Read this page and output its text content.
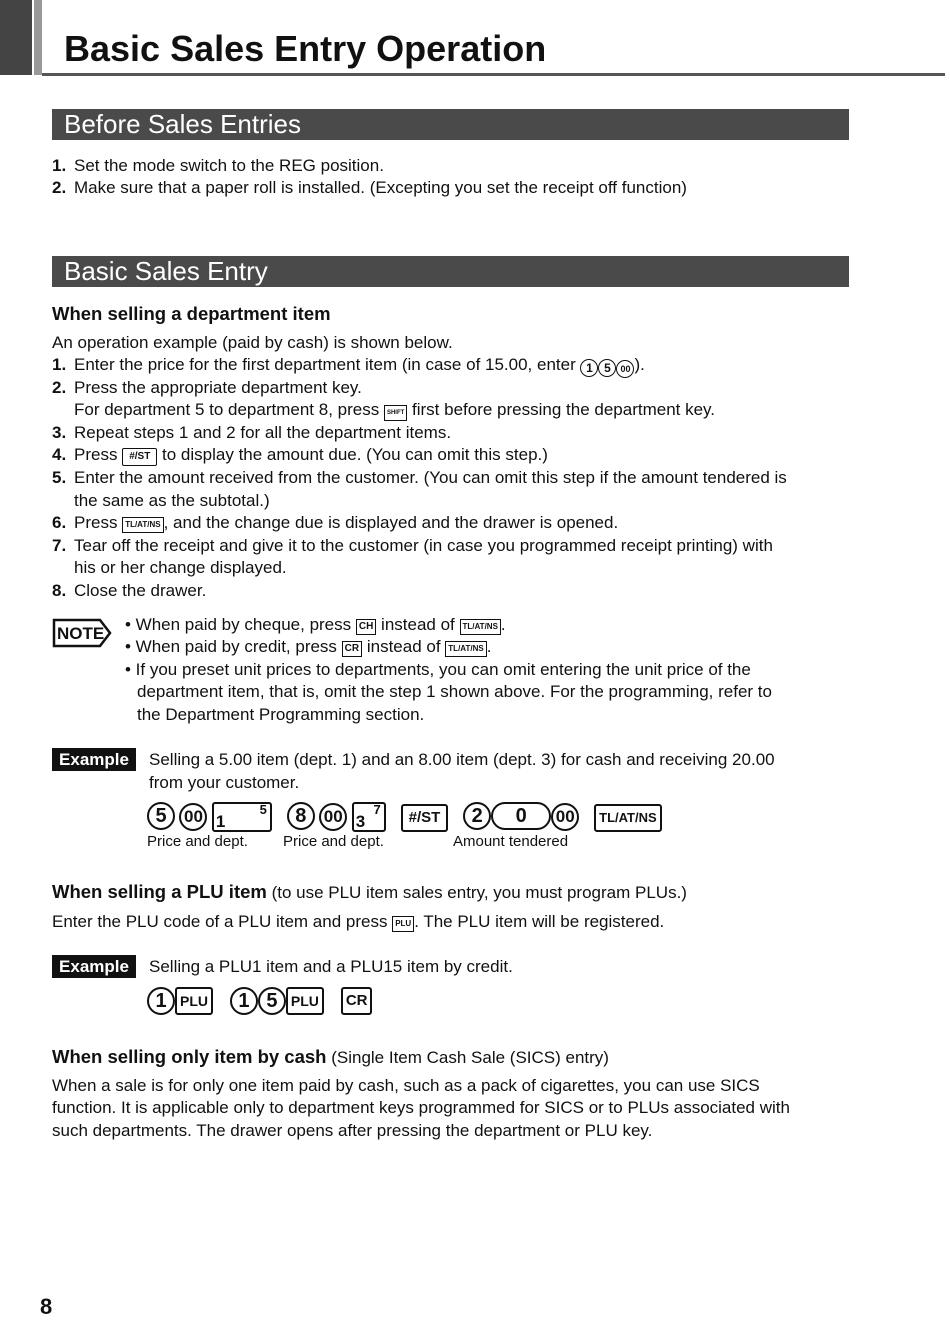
Basic Sales Entry Operation
Before Sales Entries
1. Set the mode switch to the REG position.
2. Make sure that a paper roll is installed. (Excepting you set the receipt off function)
Basic Sales Entry
When selling a department item
An operation example (paid by cash) is shown below.
1. Enter the price for the first department item (in case of 15.00, enter 1 5 00 ).
2. Press the appropriate department key.
For department 5 to department 8, press SHIFT first before pressing the department key.
3. Repeat steps 1 and 2 for all the department items.
4. Press #/ST to display the amount due. (You can omit this step.)
5. Enter the amount received from the customer. (You can omit this step if the amount tendered is
the same as the subtotal.)
6. Press TL/AT/NS , and the change due is displayed and the drawer is opened.
7. Tear off the receipt and give it to the customer (in case you programmed receipt printing) with
his or her change displayed.
8. Close the drawer.
NOTE • When paid by cheque, press CH instead of TL/AT/NS .
• When paid by credit, press CR instead of TL/AT/NS .
• If you preset unit prices to departments, you can omit entering the unit price of the
department item, that is, omit the step 1 shown above. For the programming, refer to
the Department Programming section.
Example	Selling a 5.00 item (dept. 1) and an 8.00 item (dept. 3) for cash and receiving 20.00
from your customer.
5 00 1
5 8 00 3
7 #/ST 2 0 00 TL/AT/NS
Price and dept. Price and dept.	Amount tendered
When selling a PLU item (to use PLU item sales entry, you must program PLUs.)
Enter the PLU code of a PLU item and press PLU . The PLU item will be registered.
Example	Selling a PLU1 item and a PLU15 item by credit.
1 PLU 1 5 PLU CR
When selling only item by cash (Single Item Cash Sale (SICS) entry)
When a sale is for only one item paid by cash, such as a pack of cigarettes, you can use SICS
function. It is applicable only to department keys programmed for SICS or to PLUs associated with
such departments. The drawer opens after pressing the department or PLU key.
8
